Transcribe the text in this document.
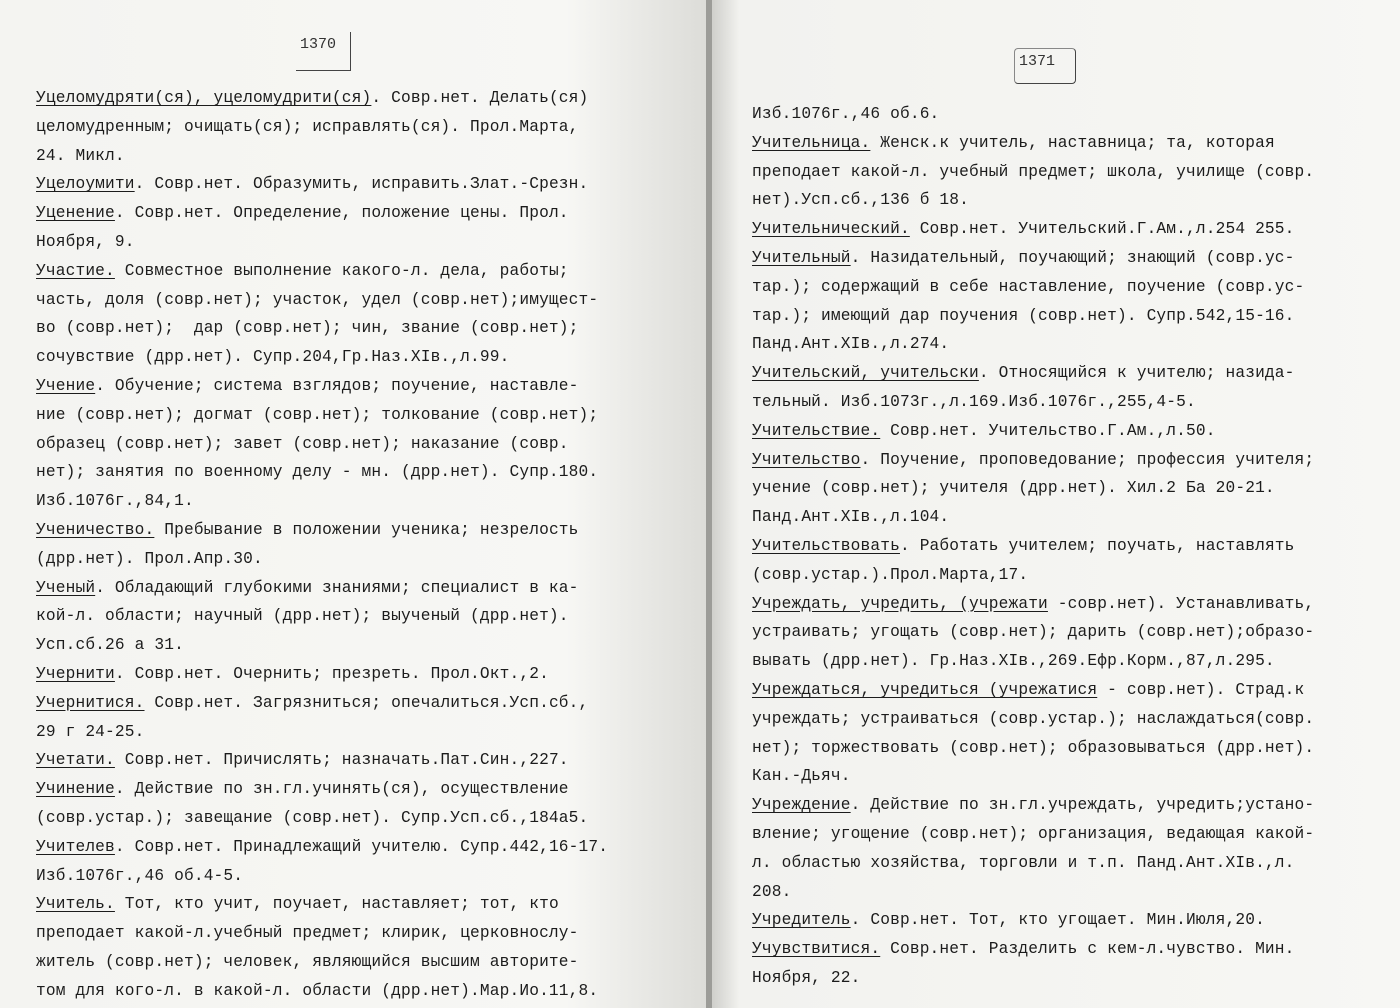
1370
Уцеломудряти(ся), уцеломудрити(ся). Совр.нет. Делать(ся)
целомудренным; очищать(ся); исправлять(ся). Прол.Марта,
24. Микл.
Уцелоумити. Совр.нет. Образумить, исправить.Злат.-Срезн.
Уценение. Совр.нет. Определение, положение цены. Прол.
Ноября, 9.
Участие. Совместное выполнение какого-л. дела, работы;
часть, доля (совр.нет); участок, удел (совр.нет);имущест-
во (совр.нет);  дар (совр.нет); чин, звание (совр.нет);
сочувствие (дрр.нет). Супр.204,Гр.Наз.XIв.,л.99.
Учение. Обучение; система взглядов; поучение, наставле-
ние (совр.нет); догмат (совр.нет); толкование (совр.нет);
образец (совр.нет); завет (совр.нет); наказание (совр.
нет); занятия по военному делу - мн. (дрр.нет). Супр.180.
Изб.1076г.,84,1.
Ученичество. Пребывание в положении ученика; незрелость
(дрр.нет). Прол.Апр.30.
Ученый. Обладающий глубокими знаниями; специалист в ка-
кой-л. области; научный (дрр.нет); выученый (дрр.нет).
Усп.сб.26 а 31.
Учернити. Совр.нет. Очернить; презреть. Прол.Окт.,2.
Учернитися. Совр.нет. Загрязниться; опечалиться.Усп.сб.,
29 г 24-25.
Учетати. Совр.нет. Причислять; назначать.Пат.Син.,227.
Учинение. Действие по зн.гл.учинять(ся), осуществление
(совр.устар.); завещание (совр.нет). Супр.Усп.сб.,184а5.
Учителев. Совр.нет. Принадлежащий учителю. Супр.442,16-17.
Изб.1076г.,46 об.4-5.
Учитель. Тот, кто учит, поучает, наставляет; тот, кто
преподает какой-л.учебный предмет; клирик, церковнослу-
житель (совр.нет); человек, являющийся высшим авторите-
том для кого-л. в какой-л. области (дрр.нет).Мар.Ио.11,8.
1371
Изб.1076г.,46 об.6.
Учительница. Женск.к учитель, наставница; та, которая
преподает какой-л. учебный предмет; школа, училище (совр.
нет).Усп.сб.,136 б 18.
Учительнический. Совр.нет. Учительский.Г.Ам.,л.254 255.
Учительный. Назидательный, поучающий; знающий (совр.ус-
тар.); содержащий в себе наставление, поучение (совр.ус-
тар.); имеющий дар поучения (совр.нет). Супр.542,15-16.
Панд.Ант.XIв.,л.274.
Учительский, учительски. Относящийся к учителю; назида-
тельный. Изб.1073г.,л.169.Изб.1076г.,255,4-5.
Учительствие. Совр.нет. Учительство.Г.Ам.,л.50.
Учительство. Поучение, проповедование; профессия учителя;
учение (совр.нет); учителя (дрр.нет). Хил.2 Ба 20-21.
Панд.Ант.XIв.,л.104.
Учительствовать. Работать учителем; поучать, наставлять
(совр.устар.).Прол.Марта,17.
Учреждать, учредить, (учрежати -совр.нет). Устанавливать,
устраивать; угощать (совр.нет); дарить (совр.нет);образо-
вывать (дрр.нет). Гр.Наз.XIв.,269.Ефр.Корм.,87,л.295.
Учреждаться, учредиться (учрежатися - совр.нет). Страд.к
учреждать; устраиваться (совр.устар.); наслаждаться(совр.
нет); торжествовать (совр.нет); образовываться (дрр.нет).
Кан.-Дьяч.
Учреждение. Действие по зн.гл.учреждать, учредить;устано-
вление; угощение (совр.нет); организация, ведающая какой-
л. областью хозяйства, торговли и т.п. Панд.Ант.XIв.,л.
208.
Учредитель. Совр.нет. Тот, кто угощает. Мин.Июля,20.
Учувствитися. Совр.нет. Разделить с кем-л.чувство. Мин.
Ноября, 22.
